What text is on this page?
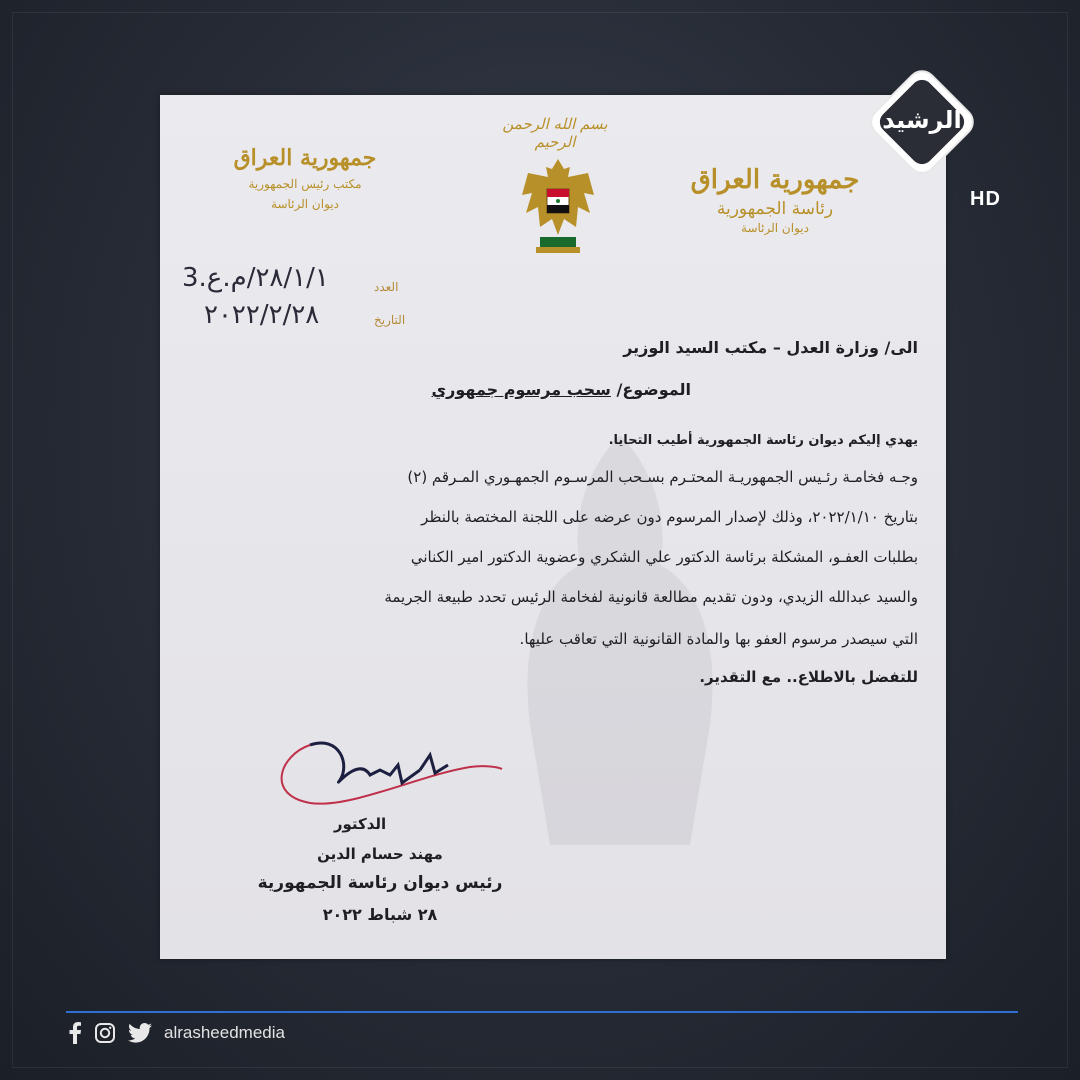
بسم الله الرحمن الرحيم
جمهورية العراق
رئاسة الجمهورية
ديوان الرئاسة
جمهورية العراق
مكتب رئيس الجمهورية
ديوان الرئاسة
العدد
٢٨/١/١/م.ع.3
التاريخ
٢٠٢٢/٢/٢٨
الى/ وزارة العدل – مكتب السيد الوزير
الموضوع/ سحب مرسوم جمهوري
يهدي إليكم ديوان رئاسة الجمهورية أطيب التحايا.
وجـه فخامـة رئـيس الجمهوريـة المحتـرم بسـحب المرسـوم الجمهـوري المـرقم (٢)
بتاريخ ٢٠٢٢/١/١٠، وذلك لإصدار المرسوم دون عرضه على اللجنة المختصة بالنظر
بطلبات العفـو، المشكلة برئاسة الدكتور علي الشكري وعضوية الدكتور امير الكناني
والسيد عبدالله الزيدي، ودون تقديم مطالعة قانونية لفخامة الرئيس تحدد طبيعة الجريمة
التي سيصدر مرسوم العفو بها والمادة القانونية التي تعاقب عليها.
للتفضل بالاطلاع.. مع التقدير.
الدكتور
مهند حسام الدين
رئيس ديوان رئاسة الجمهورية
٢٨ شباط ٢٠٢٢
الرشيد
HD
alrasheedmedia
